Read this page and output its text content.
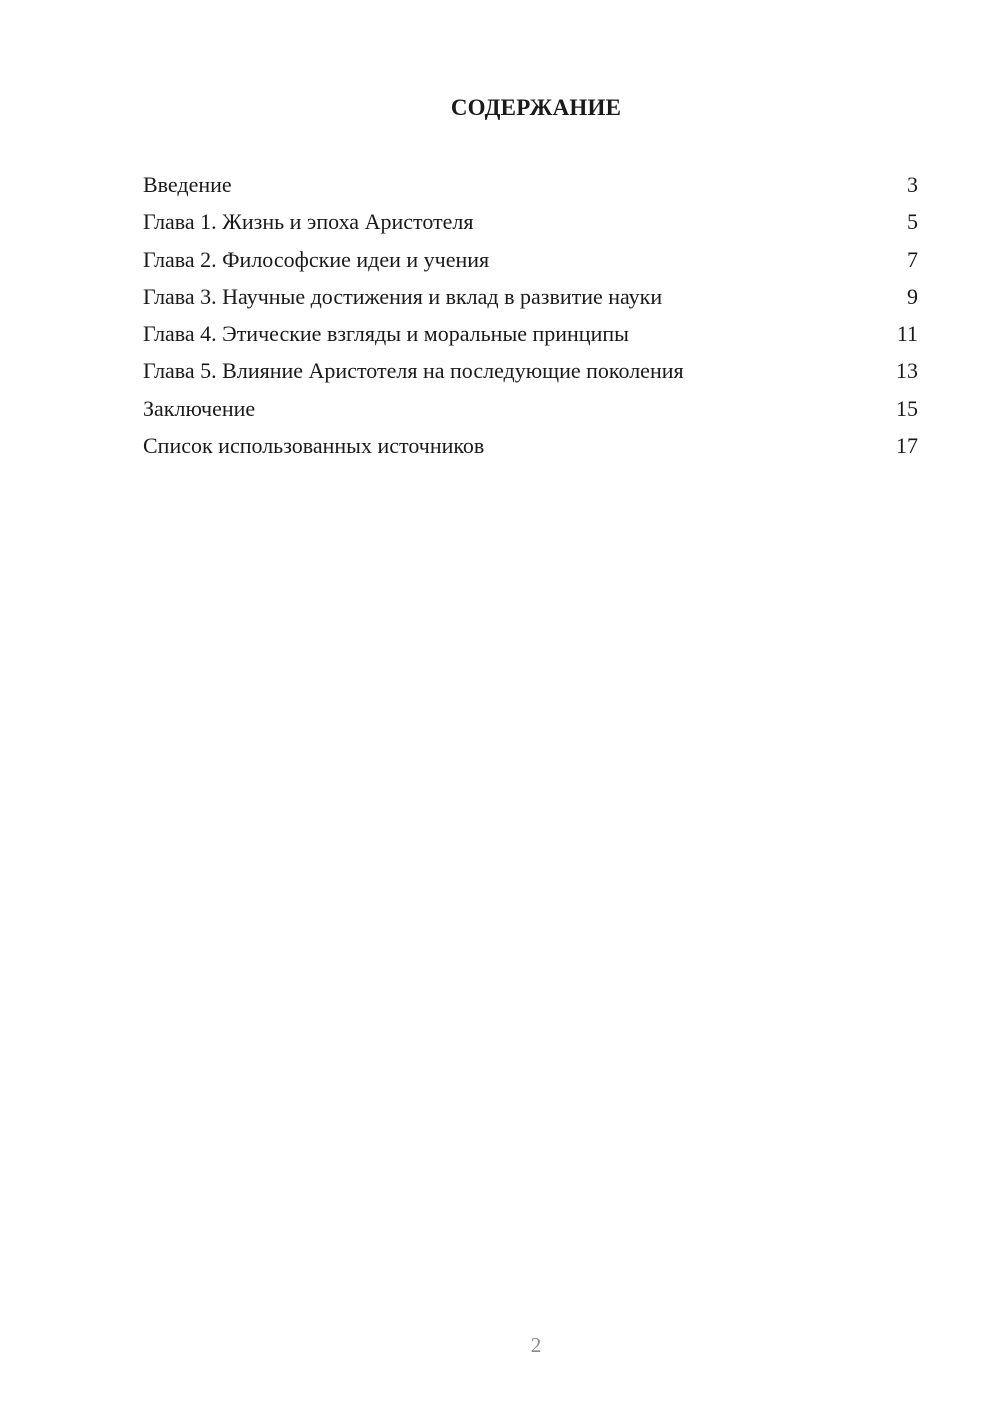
СОДЕРЖАНИЕ
Введение	3
Глава 1. Жизнь и эпоха Аристотеля	5
Глава 2. Философские идеи и учения	7
Глава 3. Научные достижения и вклад в развитие науки	9
Глава 4. Этические взгляды и моральные принципы	11
Глава 5. Влияние Аристотеля на последующие поколения	13
Заключение	15
Список использованных источников	17
2
